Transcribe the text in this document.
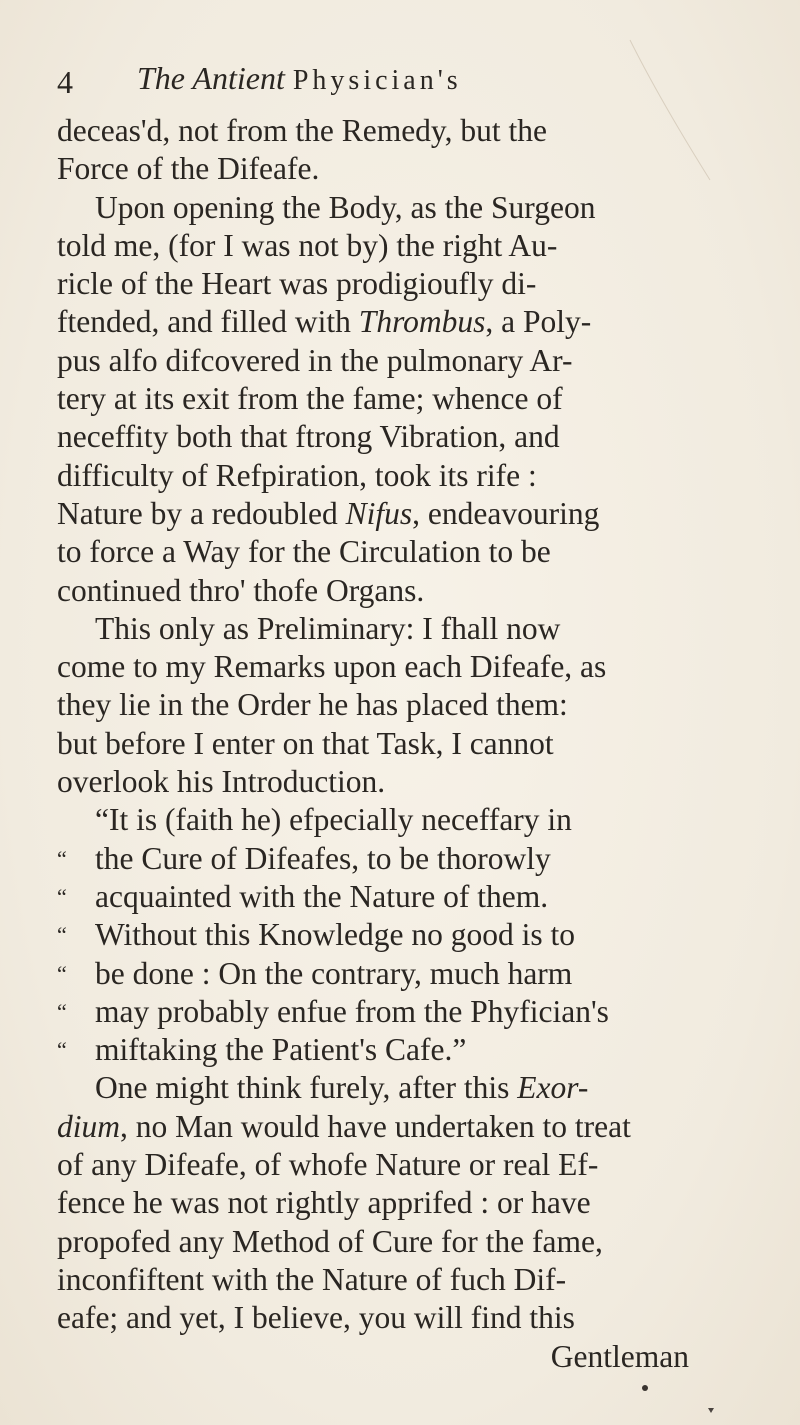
4 The Antient Physician's
deceas'd, not from the Remedy, but the
Force of the Difeafe.
Upon opening the Body, as the Surgeon
told me, (for I was not by) the right Au-
ricle of the Heart was prodigioufly di-
ftended, and filled with Thrombus, a Poly-
pus alfo difcovered in the pulmonary Ar-
tery at its exit from the fame; whence of
neceffity both that ftrong Vibration, and
difficulty of Refpiration, took its rife :
Nature by a redoubled Nifus, endeavouring
to force a Way for the Circulation to be
continued thro' thofe Organs.
This only as Preliminary: I fhall now
come to my Remarks upon each Difeafe, as
they lie in the Order he has placed them:
but before I enter on that Task, I cannot
overlook his Introduction.
“It is (faith he) efpecially neceffary in
“ the Cure of Difeafes, to be thorowly
“ acquainted with the Nature of them.
“ Without this Knowledge no good is to
“ be done : On the contrary, much harm
“ may probably enfue from the Phyfician's
“ miftaking the Patient's Cafe.”
One might think furely, after this Exor-
dium, no Man would have undertaken to treat
of any Difeafe, of whofe Nature or real Ef-
fence he was not rightly apprifed : or have
propofed any Method of Cure for the fame,
inconfiftent with the Nature of fuch Dif-
eafe; and yet, I believe, you will find this
Gentleman
